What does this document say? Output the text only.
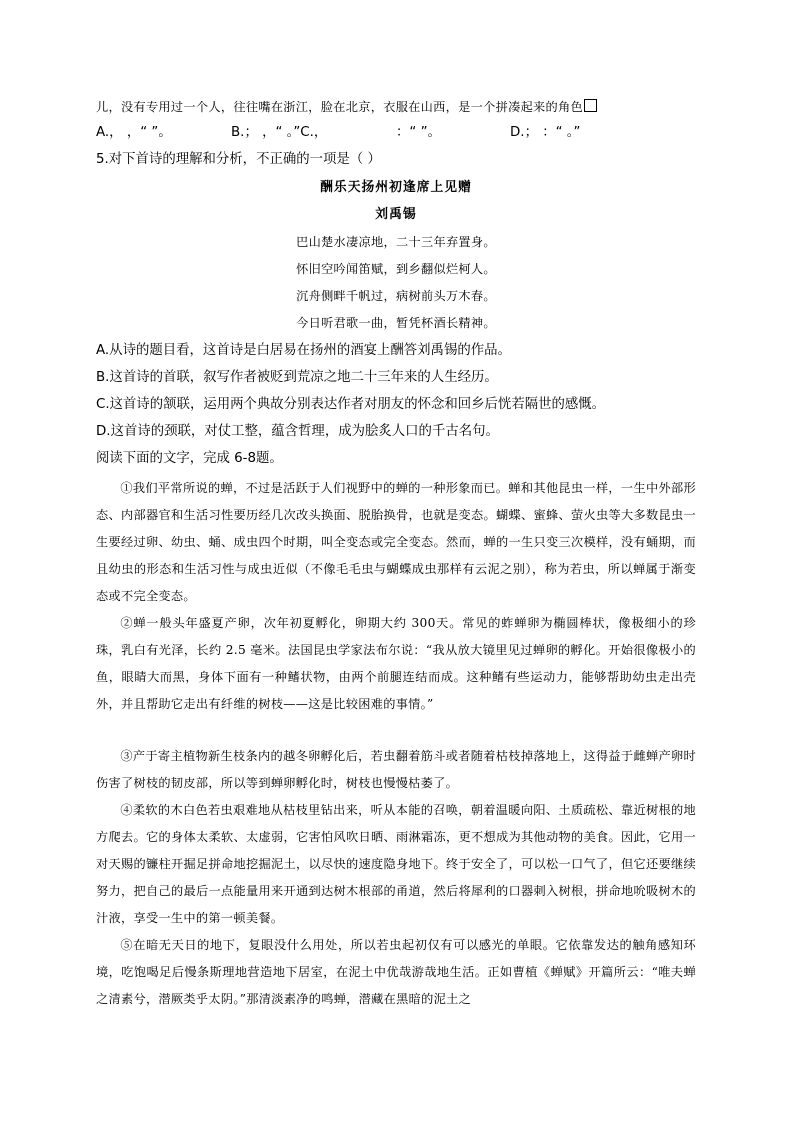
儿，没有专用过一个人，往往嘴在浙江，脸在北京，衣服在山西，是一个拼凑起来的角色
A.， ，“ ”。	B.； ，“ 。”C.，	：“ ”。	D.； ：“ 。”
5.对下首诗的理解和分析，不正确的一项是（ ）
酬乐天扬州初逢席上见赠
刘禹锡
巴山楚水凄凉地，二十三年弃置身。
怀旧空吟闻笛赋，到乡翻似烂柯人。
沉舟侧畔千帆过，病树前头万木春。
今日听君歌一曲，暂凭杯酒长精神。
A.从诗的题目看，这首诗是白居易在扬州的酒宴上酬答刘禹锡的作品。
B.这首诗的首联，叙写作者被贬到荒凉之地二十三年来的人生经历。
C.这首诗的颔联，运用两个典故分别表达作者对朋友的怀念和回乡后恍若隔世的感慨。
D.这首诗的颈联，对仗工整，蕴含哲理，成为脍炙人口的千古名句。
阅读下面的文字，完成 6-8题。

①我们平常所说的蝉，不过是活跃于人们视野中的蝉的一种形象而已。蝉和其他昆虫一样，一生中外部形态、内部器官和生活习性要历经几次改头换面、脱胎换骨，也就是变态。蝴蝶、蜜蜂、萤火虫等大多数昆虫一生要经过卵、幼虫、蛹、成虫四个时期，叫全变态或完全变态。然而，蝉的一生只变三次模样，没有蛹期，而且幼虫的形态和生活习性与成虫近似（不像毛毛虫与蝴蝶成虫那样有云泥之别），称为若虫，所以蝉属于渐变态或不完全变态。

②蝉一般头年盛夏产卵，次年初夏孵化，卵期大约 300天。常见的蚱蝉卵为椭圆棒状，像极细小的珍珠，乳白有光泽，长约 2.5 毫米。法国昆虫学家法布尔说：“我从放大镜里见过蝉卵的孵化。开始很像极小的鱼，眼睛大而黑，身体下面有一种鳍状物，由两个前腿连结而成。这种鳍有些运动力，能够帮助幼虫走出壳外，并且帮助它走出有纤维的树枝——这是比较困难的事情。”

③产于寄主植物新生枝条内的越冬卵孵化后，若虫翻着筋斗或者随着枯枝掉落地上，这得益于雌蝉产卵时伤害了树枝的韧皮部，所以等到蝉卵孵化时，树枝也慢慢枯萎了。

④柔软的木白色若虫艰难地从枯枝里钻出来，听从本能的召唤，朝着温暖向阳、土质疏松、靠近树根的地方爬去。它的身体太柔软、太虚弱，它害怕风吹日晒、雨淋霜冻，更不想成为其他动物的美食。因此，它用一对天赐的镰柱开掘足拼命地挖掘泥土，以尽快的速度隐身地下。终于安全了，可以松一口气了，但它还要继续努力，把自己的最后一点能量用来开通到达树木根部的甬道，然后将犀利的口器刺入树根，拼命地吮吸树木的汁液，享受一生中的第一顿美餐。

⑤在暗无天日的地下，复眼没什么用处，所以若虫起初仅有可以感光的单眼。它依靠发达的触角感知环境，吃饱喝足后慢条斯理地营造地下居室，在泥土中优哉游哉地生活。正如曹植《蝉赋》开篇所云：“唯夫蝉之清素兮，潜厥类乎太阴。”那清淡素净的鸣蝉，潜藏在黑暗的泥土之
